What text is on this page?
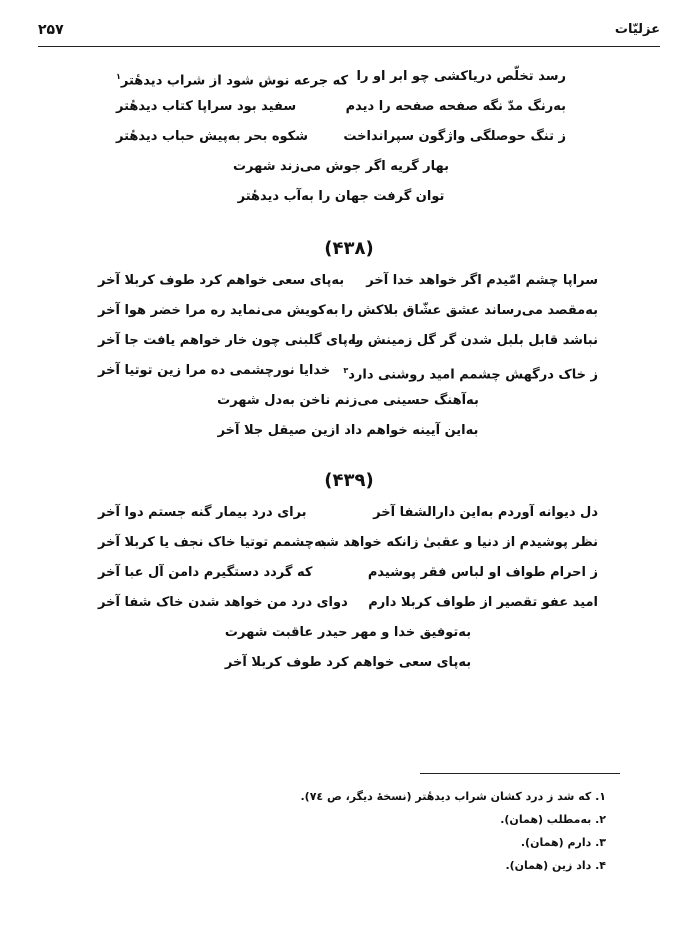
۲۵۷	عزلیّات
رسد تخلّص دریاکشی چو ابر او را
که جرعه نوش شود از شراب دیدهٔتر$^۱$
به‌رنگ مدّ نگه صفحه صفحه را دیدم
سفید بود سراپا کتاب دیدهٔتر
ز تنگ حوصلگی واژگون سپرانداخت
شکوه بحر به‌پیش حباب دیدهٔتر
بهار گریه اگر جوش می‌زند شهرت
توان گرفت جهان را به‌آب دیدهٔتر
(۴۳۸)
سراپا چشم امّیدم اگر خواهد خدا آخر
به‌پای سعی خواهم کرد طوف کربلا آخر
به‌مقصد می‌رساند عشق عشّاق بلاکش را
به‌کویش می‌نماید ره مرا خضر هوا آخر
نباشد قابل بلبل شدن گر گل زمینش را
به‌پای گلبنی چون خار خواهم یافت جا آخر
ز خاک درگهش چشمم امید روشنی دارد$^۳$
خدایا نورچشمی ده مرا زین توتیا آخر
به‌آهنگ حسینی می‌زنم ناخن به‌دل شهرت
به‌این آیینه خواهم داد ازین صیقل جلا آخر
(۴۳۹)
دل دیوانه آوردم به‌این دارالشفا آخر
برای درد بیمار گنه جستم دوا آخر
نظر پوشیدم از دنیا و عقبیٰ زانکه خواهد شد
به‌چشمم توتیا خاک نجف یا کربلا آخر
ز احرام طواف او لباس فقر پوشیدم
که گردد دستگیرم دامن آل عبا آخر
امید عفو تقصیر از طواف کربلا دارم
دوای درد من خواهد شدن خاک شفا آخر
به‌توفیق خدا و مهر حیدر عاقبت شهرت
به‌پای سعی خواهم کرد طوف کربلا آخر
۱. که شد ز درد کشان شراب دیدهٔتر (نسخهٔ دیگر، ص ۷٤).
۲. به‌مطلب (همان).
۳. دارم (همان).
۴. داد زین (همان).
